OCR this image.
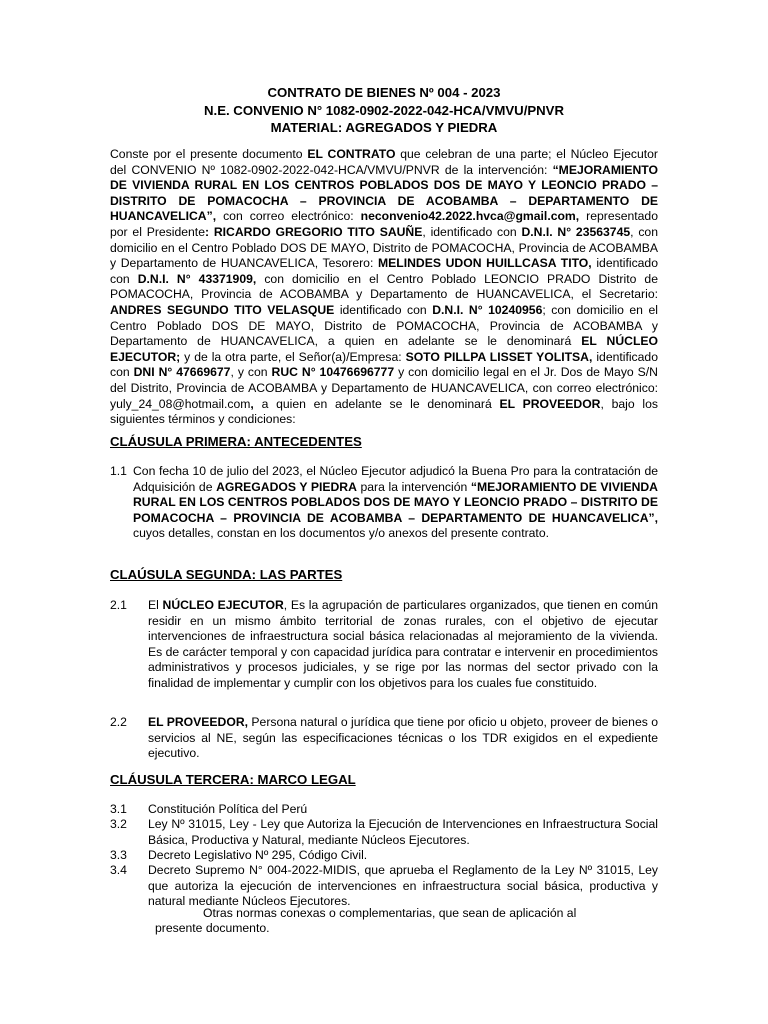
CONTRATO DE BIENES Nº 004 - 2023
N.E. CONVENIO N° 1082-0902-2022-042-HCA/VMVU/PNVR
MATERIAL: AGREGADOS Y PIEDRA
Conste por el presente documento EL CONTRATO que celebran de una parte; el Núcleo Ejecutor del CONVENIO Nº 1082-0902-2022-042-HCA/VMVU/PNVR de la intervención: “MEJORAMIENTO DE VIVIENDA RURAL EN LOS CENTROS POBLADOS DOS DE MAYO Y LEONCIO PRADO – DISTRITO DE POMACOCHA – PROVINCIA DE ACOBAMBA – DEPARTAMENTO DE HUANCAVELICA”, con correo electrónico: neconvenio42.2022.hvca@gmail.com, representado por el Presidente: RICARDO GREGORIO TITO SAUÑE, identificado con D.N.I. N° 23563745, con domicilio en el Centro Poblado DOS DE MAYO, Distrito de POMACOCHA, Provincia de ACOBAMBA y Departamento de HUANCAVELICA, Tesorero: MELINDES UDON HUILLCASA TITO, identificado con D.N.I. N° 43371909, con domicilio en el Centro Poblado LEONCIO PRADO Distrito de POMACOCHA, Provincia de ACOBAMBA y Departamento de HUANCAVELICA, el Secretario: ANDRES SEGUNDO TITO VELASQUE identificado con D.N.I. N° 10240956; con domicilio en el Centro Poblado DOS DE MAYO, Distrito de POMACOCHA, Provincia de ACOBAMBA y Departamento de HUANCAVELICA, a quien en adelante se le denominará EL NÚCLEO EJECUTOR; y de la otra parte, el Señor(a)/Empresa: SOTO PILLPA LISSET YOLITSA, identificado con DNI N° 47669677, y con RUC N° 10476696777 y con domicilio legal en el Jr. Dos de Mayo S/N del Distrito, Provincia de ACOBAMBA y Departamento de HUANCAVELICA, con correo electrónico: yuly_24_08@hotmail.com, a quien en adelante se le denominará EL PROVEEDOR, bajo los siguientes términos y condiciones:
CLÁUSULA PRIMERA: ANTECEDENTES
1.1 Con fecha 10 de julio del 2023, el Núcleo Ejecutor adjudicó la Buena Pro para la contratación de Adquisición de AGREGADOS Y PIEDRA para la intervención “MEJORAMIENTO DE VIVIENDA RURAL EN LOS CENTROS POBLADOS DOS DE MAYO Y LEONCIO PRADO – DISTRITO DE POMACOCHA – PROVINCIA DE ACOBAMBA – DEPARTAMENTO DE HUANCAVELICA”, cuyos detalles, constan en los documentos y/o anexos del presente contrato.
CLAÚSULA SEGUNDA: LAS PARTES
2.1 El NÚCLEO EJECUTOR, Es la agrupación de particulares organizados, que tienen en común residir en un mismo ámbito territorial de zonas rurales, con el objetivo de ejecutar intervenciones de infraestructura social básica relacionadas al mejoramiento de la vivienda. Es de carácter temporal y con capacidad jurídica para contratar e intervenir en procedimientos administrativos y procesos judiciales, y se rige por las normas del sector privado con la finalidad de implementar y cumplir con los objetivos para los cuales fue constituido.
2.2 EL PROVEEDOR, Persona natural o jurídica que tiene por oficio u objeto, proveer de bienes o servicios al NE, según las especificaciones técnicas o los TDR exigidos en el expediente ejecutivo.
CLÁUSULA TERCERA: MARCO LEGAL
3.1 Constitución Política del Perú
3.2 Ley Nº 31015, Ley - Ley que Autoriza la Ejecución de Intervenciones en Infraestructura Social Básica, Productiva y Natural, mediante Núcleos Ejecutores.
3.3 Decreto Legislativo Nº 295, Código Civil.
3.4 Decreto Supremo N° 004-2022-MIDIS, que aprueba el Reglamento de la Ley Nº 31015, Ley que autoriza la ejecución de intervenciones en infraestructura social básica, productiva y natural mediante Núcleos Ejecutores.
Otras normas conexas o complementarias, que sean de aplicación al
presente documento.
